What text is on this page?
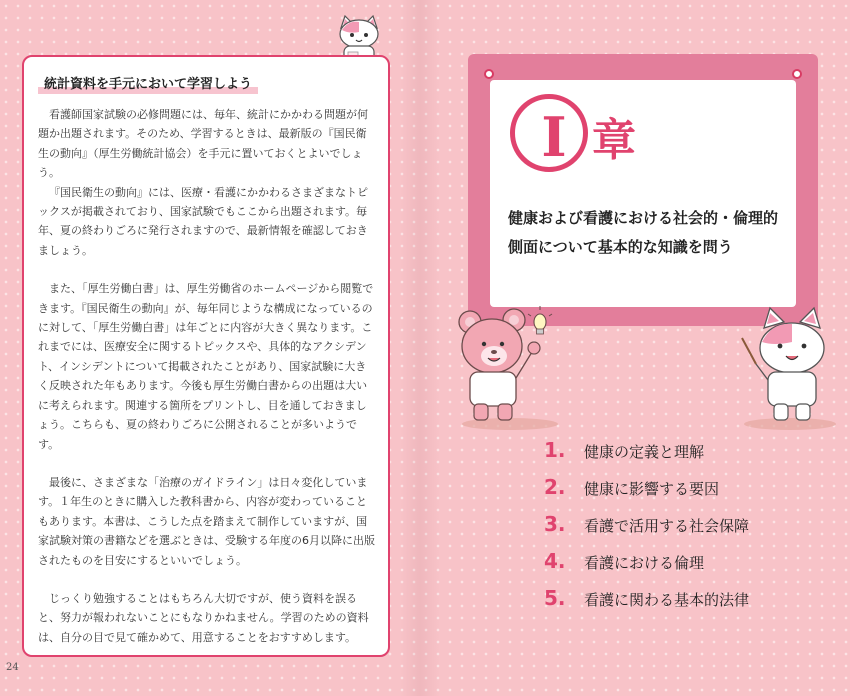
統計資料を手元において学習しよう

看護師国家試験の必修問題には、毎年、統計にかかわる問題が何題か出題されます。そのため、学習するときは、最新版の『国民衛生の動向』（厚生労働統計協会）を手元に置いておくとよいでしょう。

『国民衛生の動向』には、医療・看護にかかわるさまざまなトピックスが掲載されており、国家試験でもここから出題されます。毎年、夏の終わりごろに発行されますので、最新情報を確認しておきましょう。

また、「厚生労働白書」は、厚生労働省のホームページから閲覧できます。『国民衛生の動向』が、毎年同じような構成になっているのに対して、「厚生労働白書」は年ごとに内容が大きく異なります。これまでには、医療安全に関するトピックスや、具体的なアクシデント、インシデントについて掲載されたことがあり、国家試験に大きく反映された年もあります。今後も厚生労働白書からの出題は大いに考えられます。関連する箇所をプリントし、目を通しておきましょう。こちらも、夏の終わりごろに公開されることが多いようです。

最後に、さまざまな「治療のガイドライン」は日々変化しています。１年生のときに購入した教科書から、内容が変わっていることもあります。本書は、こうした点を踏まえて制作していますが、国家試験対策の書籍などを選ぶときは、受験する年度の6月以降に出版されたものを目安にするといいでしょう。

じっくり勉強することはもちろん大切ですが、使う資料を誤ると、努力が報われないことにもなりかねません。学習のための資料は、自分の目で見て確かめて、用意することをおすすめします。

24
I 章

健康および看護における社会的・倫理的側面について基本的な知識を問う

1.	健康の定義と理解
2.	健康に影響する要因
3.	看護で活用する社会保障
4.	看護における倫理
5.	看護に関わる基本的法律
